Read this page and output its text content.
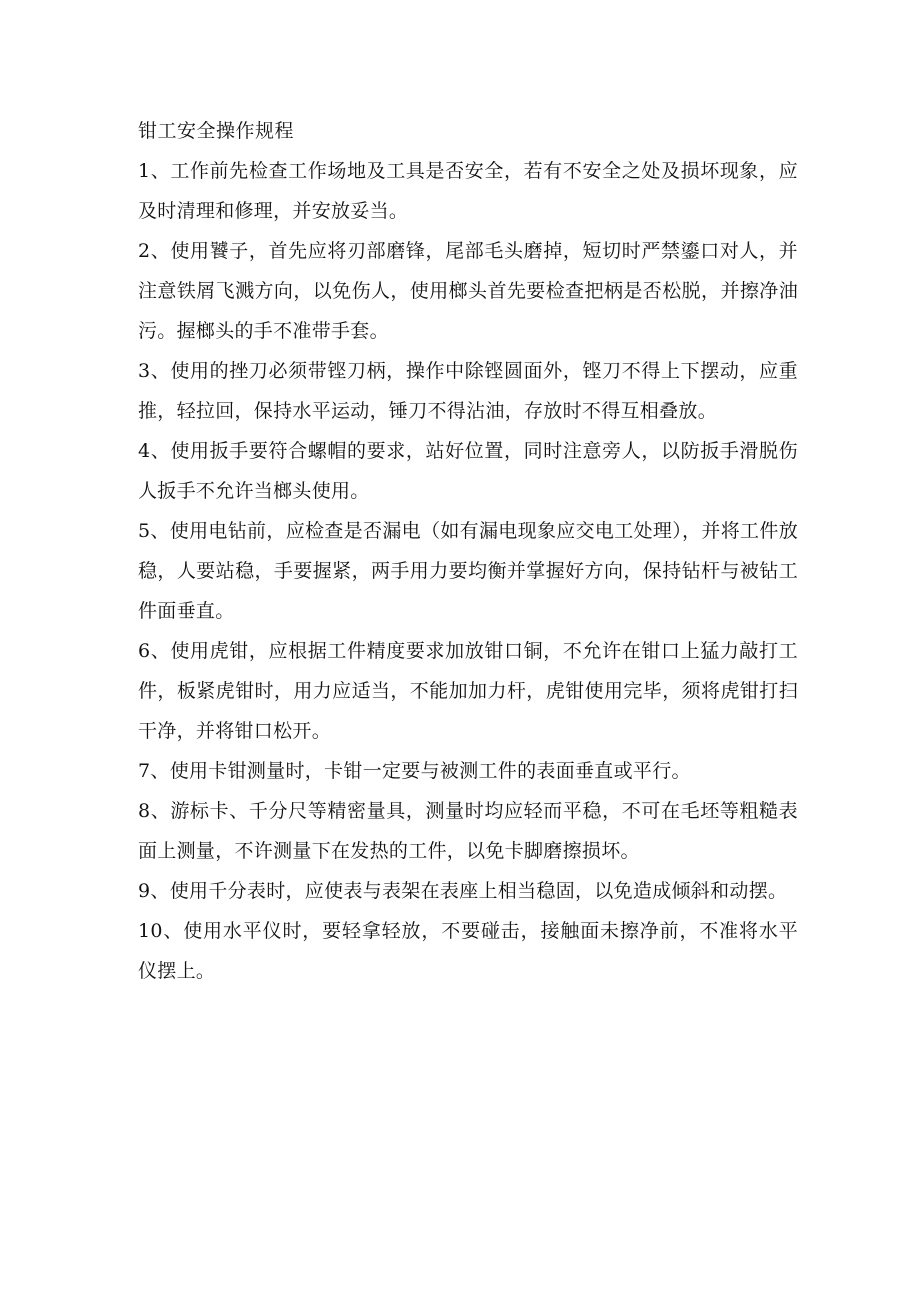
钳工安全操作规程

1、工作前先检查工作场地及工具是否安全，若有不安全之处及损坏现象，应及时清理和修理，并安放妥当。

2、使用饕子，首先应将刃部磨锋，尾部毛头磨掉，短切时严禁鎏口对人，并注意铁屑飞溅方向，以免伤人，使用榔头首先要检查把柄是否松脱，并擦净油污。握榔头的手不准带手套。

3、使用的挫刀必须带铿刀柄，操作中除铿圆面外，铿刀不得上下摆动，应重推，轻拉回，保持水平运动，锤刀不得沾油，存放时不得互相叠放。

4、使用扳手要符合螺帽的要求，站好位置，同时注意旁人，以防扳手滑脱伤人扳手不允许当榔头使用。

5、使用电钻前，应检查是否漏电（如有漏电现象应交电工处理），并将工件放稳，人要站稳，手要握紧，两手用力要均衡并掌握好方向，保持钻杆与被钻工件面垂直。

6、使用虎钳，应根据工件精度要求加放钳口铜，不允许在钳口上猛力敲打工件，板紧虎钳时，用力应适当，不能加加力杆，虎钳使用完毕，须将虎钳打扫干净，并将钳口松开。

7、使用卡钳测量时，卡钳一定要与被测工件的表面垂直或平行。

8、游标卡、千分尺等精密量具，测量时均应轻而平稳，不可在毛坯等粗糙表面上测量，不许测量下在发热的工件，以免卡脚磨擦损坏。

9、使用千分表时，应使表与表架在表座上相当稳固，以免造成倾斜和动摆。

10、使用水平仪时，要轻拿轻放，不要碰击，接触面未擦净前，不准将水平仪摆上。
